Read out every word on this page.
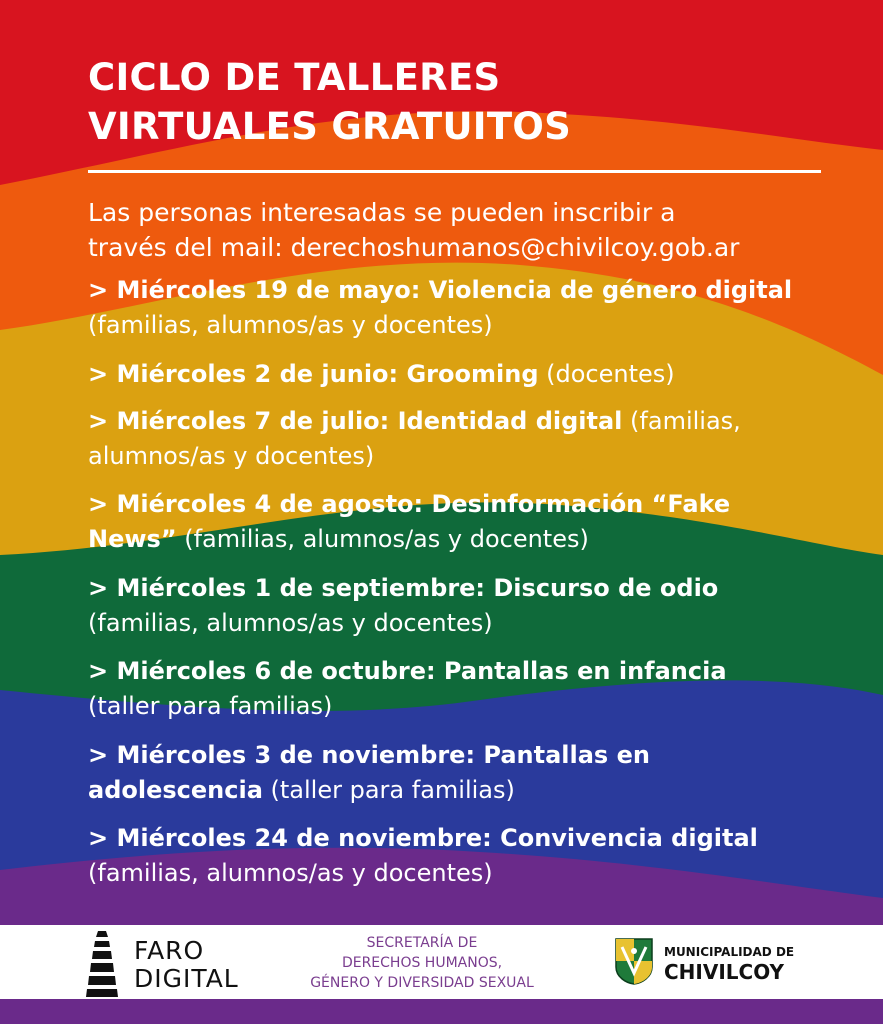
CICLO DE TALLERES
VIRTUALES GRATUITOS
Las personas interesadas se pueden inscribir a
través del mail: derechoshumanos@chivilcoy.gob.ar
> Miércoles 19 de mayo: Violencia de género digital
(familias, alumnos/as y docentes)
> Miércoles 2 de junio: Grooming (docentes)
> Miércoles 7 de julio: Identidad digital (familias,
alumnos/as y docentes)
> Miércoles 4 de agosto: Desinformación “Fake
News” (familias, alumnos/as y docentes)
> Miércoles 1 de septiembre: Discurso de odio
(familias, alumnos/as y docentes)
> Miércoles 6 de octubre: Pantallas en infancia
(taller para familias)
> Miércoles 3 de noviembre: Pantallas en
adolescencia (taller para familias)
> Miércoles 24 de noviembre: Convivencia digital
(familias, alumnos/as y docentes)
FARO
DIGITAL
SECRETARÍA DE
DERECHOS HUMANOS,
GÉNERO Y DIVERSIDAD SEXUAL
MUNICIPALIDAD DE
CHIVILCOY
